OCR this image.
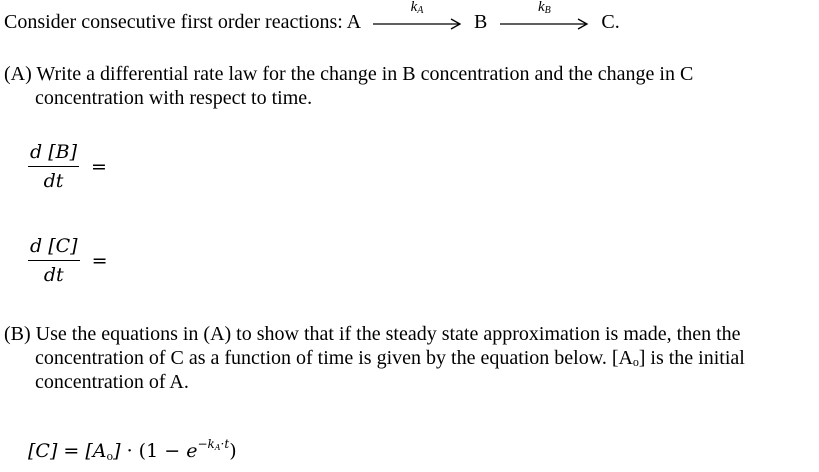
Consider consecutive first order reactions: A
$k_A$
B
$k_B$
C.
(A) Write a differential rate law for the change in B concentration and the change in C
concentration with respect to time.
$\frac{d [B]}{dt}$ =
$\frac{d [C]}{dt}$ =
(B) Use the equations in (A) to show that if the steady state approximation is made, then the
concentration of C as a function of time is given by the equation below. [Aₒ] is the initial
concentration of A.
$[C] = [A_o] \cdot (1 - e^{-k_A\cdot t})$
